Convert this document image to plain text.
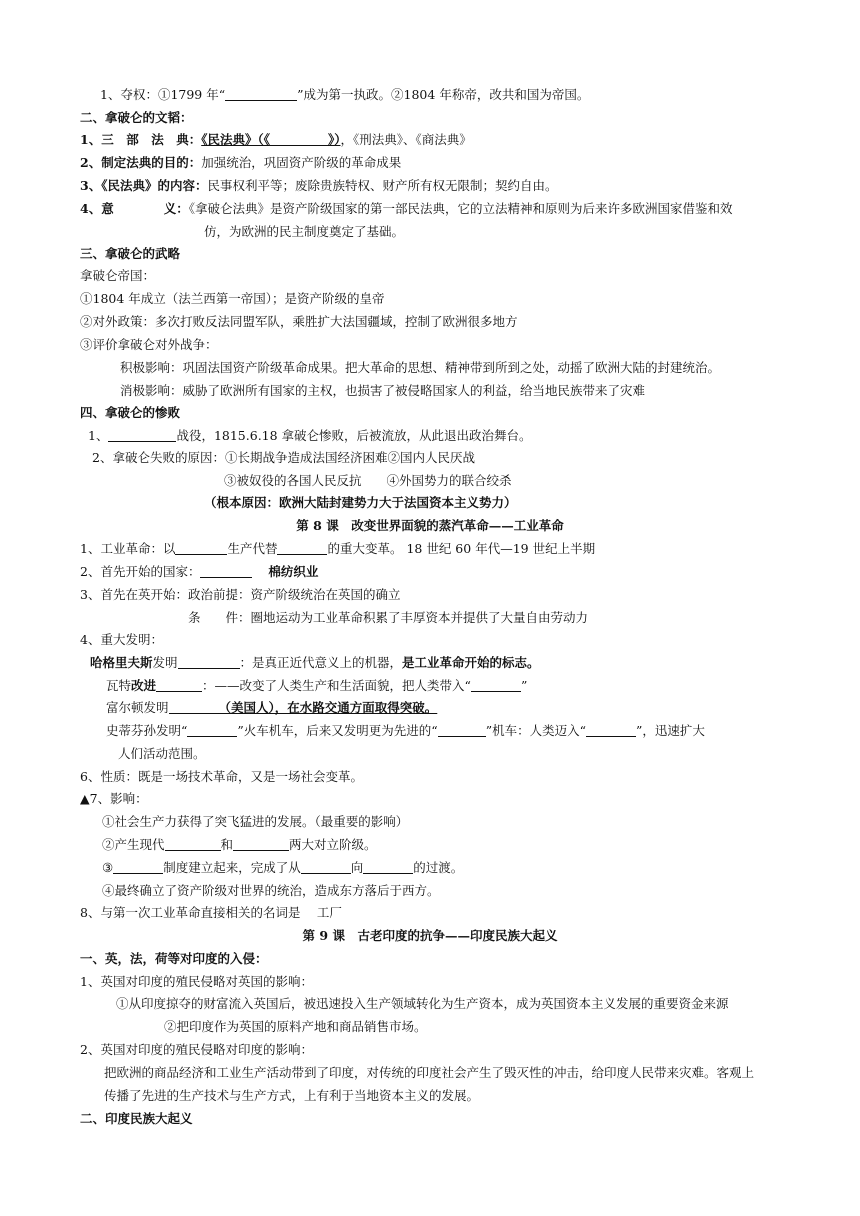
1、夺权：①1799 年“	”成为第一执政。②1804 年称帝，改共和国为帝国。
二、拿破仑的文韬：
1、三　部　法　典：《民法典》（《	》），《刑法典》、《商法典》
2、制定法典的目的：加强统治，巩固资产阶级的革命成果
3、《民法典》的内容：民事权利平等；废除贵族特权、财产所有权无限制；契约自由。
4、意　　　　义：《拿破仑法典》是资产阶级国家的第一部民法典，它的立法精神和原则为后来许多欧洲国家借鉴和效
仿，为欧洲的民主制度奠定了基础。
三、拿破仑的武略
拿破仑帝国：
①1804 年成立（法兰西第一帝国）；是资产阶级的皇帝
②对外政策：多次打败反法同盟军队，乘胜扩大法国疆域，控制了欧洲很多地方
③评价拿破仑对外战争：
积极影响：巩固法国资产阶级革命成果。把大革命的思想、精神带到所到之处，动摇了欧洲大陆的封建统治。
消极影响：威胁了欧洲所有国家的主权，也损害了被侵略国家人的利益，给当地民族带来了灾难
四、拿破仑的惨败
1、	战役，1815.6.18 拿破仑惨败，后被流放，从此退出政治舞台。
2、拿破仑失败的原因：①长期战争造成法国经济困难②国内人民厌战
③被奴役的各国人民反抗　　④外国势力的联合绞杀
（根本原因：欧洲大陆封建势力大于法国资本主义势力）
第 8 课　改变世界面貌的蒸汽革命——工业革命
1、工业革命：以	生产代替	的重大变革。 18 世纪 60 年代—19 世纪上半期
2、首先开始的国家：	棉纺织业
3、首先在英开始：政治前提：资产阶级统治在英国的确立
条　　件：圈地运动为工业革命积累了丰厚资本并提供了大量自由劳动力
4、重大发明：
哈格里夫斯发明	：是真正近代意义上的机器，是工业革命开始的标志。
瓦特改进	：——改变了人类生产和生活面貌，把人类带入“	”
富尔顿发明	（美国人），在水路交通方面取得突破。
史蒂芬孙发明“	”火车机车，后来又发明更为先进的“	”机车：人类迈入“	”，迅速扩大
人们活动范围。
6、性质：既是一场技术革命，又是一场社会变革。
▲7、影响：
①社会生产力获得了突飞猛进的发展。（最重要的影响）
②产生现代	和	两大对立阶级。
③	制度建立起来，完成了从	向	的过渡。
④最终确立了资产阶级对世界的统治，造成东方落后于西方。
8、与第一次工业革命直接相关的名词是　 工厂
第 9 课　古老印度的抗争——印度民族大起义
一、英，法，荷等对印度的入侵：
1、英国对印度的殖民侵略对英国的影响：
①从印度掠夺的财富流入英国后，被迅速投入生产领域转化为生产资本，成为英国资本主义发展的重要资金来源
②把印度作为英国的原料产地和商品销售市场。
2、英国对印度的殖民侵略对印度的影响：
把欧洲的商品经济和工业生产活动带到了印度，对传统的印度社会产生了毁灭性的冲击，给印度人民带来灾难。客观上
传播了先进的生产技术与生产方式，上有利于当地资本主义的发展。
二、印度民族大起义
